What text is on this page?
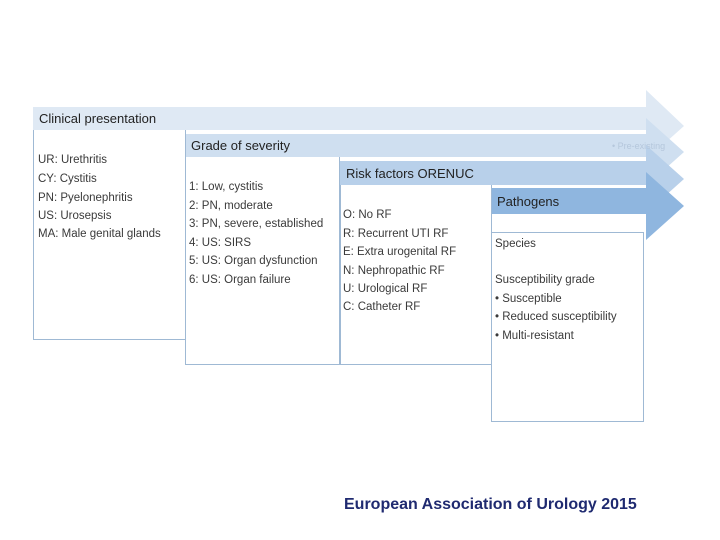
Clinical presentation
Grade of severity
Risk factors ORENUC
Pathogens
• Pre-existing
UR: Urethritis
CY: Cystitis
PN: Pyelonephritis
US: Urosepsis
MA: Male genital glands
1: Low, cystitis
2: PN, moderate
3: PN, severe, established
4: US: SIRS
5: US: Organ dysfunction
6: US: Organ failure
O: No RF
R: Recurrent UTI RF
E: Extra urogenital RF
N: Nephropathic RF
U: Urological RF
C: Catheter RF
Species
Susceptibility grade
• Susceptible
• Reduced susceptibility
• Multi-resistant
European Association of Urology 2015
